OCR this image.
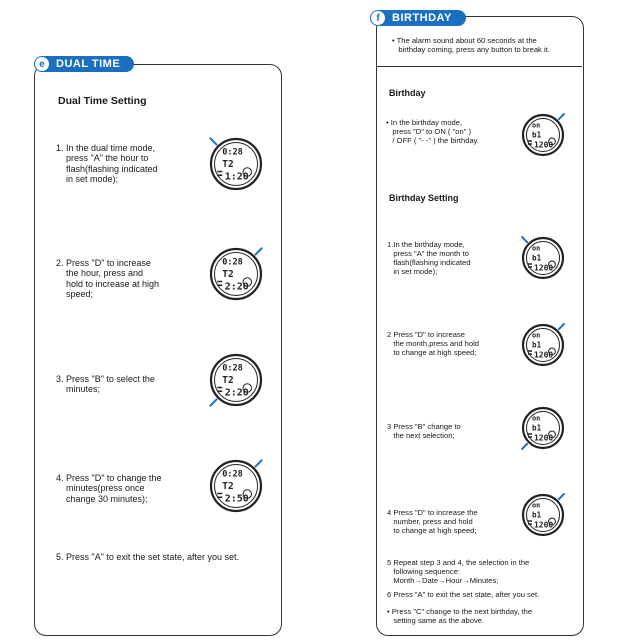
e	DUAL TIME
Dual Time Setting
1. In the dual time mode,
press "A" the hour to
flash(flashing indicated
in set mode);
2. Press "D" to increase
the hour, press and
hold to increase at high
speed;
3. Press "B" to select the
minutes;
4. Press "D" to change the
minutes(press once
change 30 minutes);
5. Press "A" to exit the set state, after you set.
f	BIRTHDAY
• The alarm sound about 60 seconds at the
birthday coming, press any button to break it.
Birthday
• In the birthday mode,
press "D" to ON ( "on" )
/ OFF ( "- -" ) the birthday.
Birthday Setting
1.In the birthday mode,
press "A" the month to
flash(flashing indicated
in set mode);
2 Press "D" to increase
the month,press and hold
to change at high speed;
3 Press "B" change to
the next selection;
4 Press "D" to increase the
number, press and hold
to change at high speed;
5 Repeat step 3 and 4, the selection in the
following sequence:
Month→Date→Hour→Minutes;
6 Press "A" to exit the set state, after you set.
• Press "C" change to the next birthday, the
setting same as the above.
0:28
T2
1:20
0:28
T2
2:20
0:28
T2
2:20
0:28
T2
2:50
on
b1
1200
on
b1
1200
on
b1
1200
on
b1
1200
on
b1
1200
